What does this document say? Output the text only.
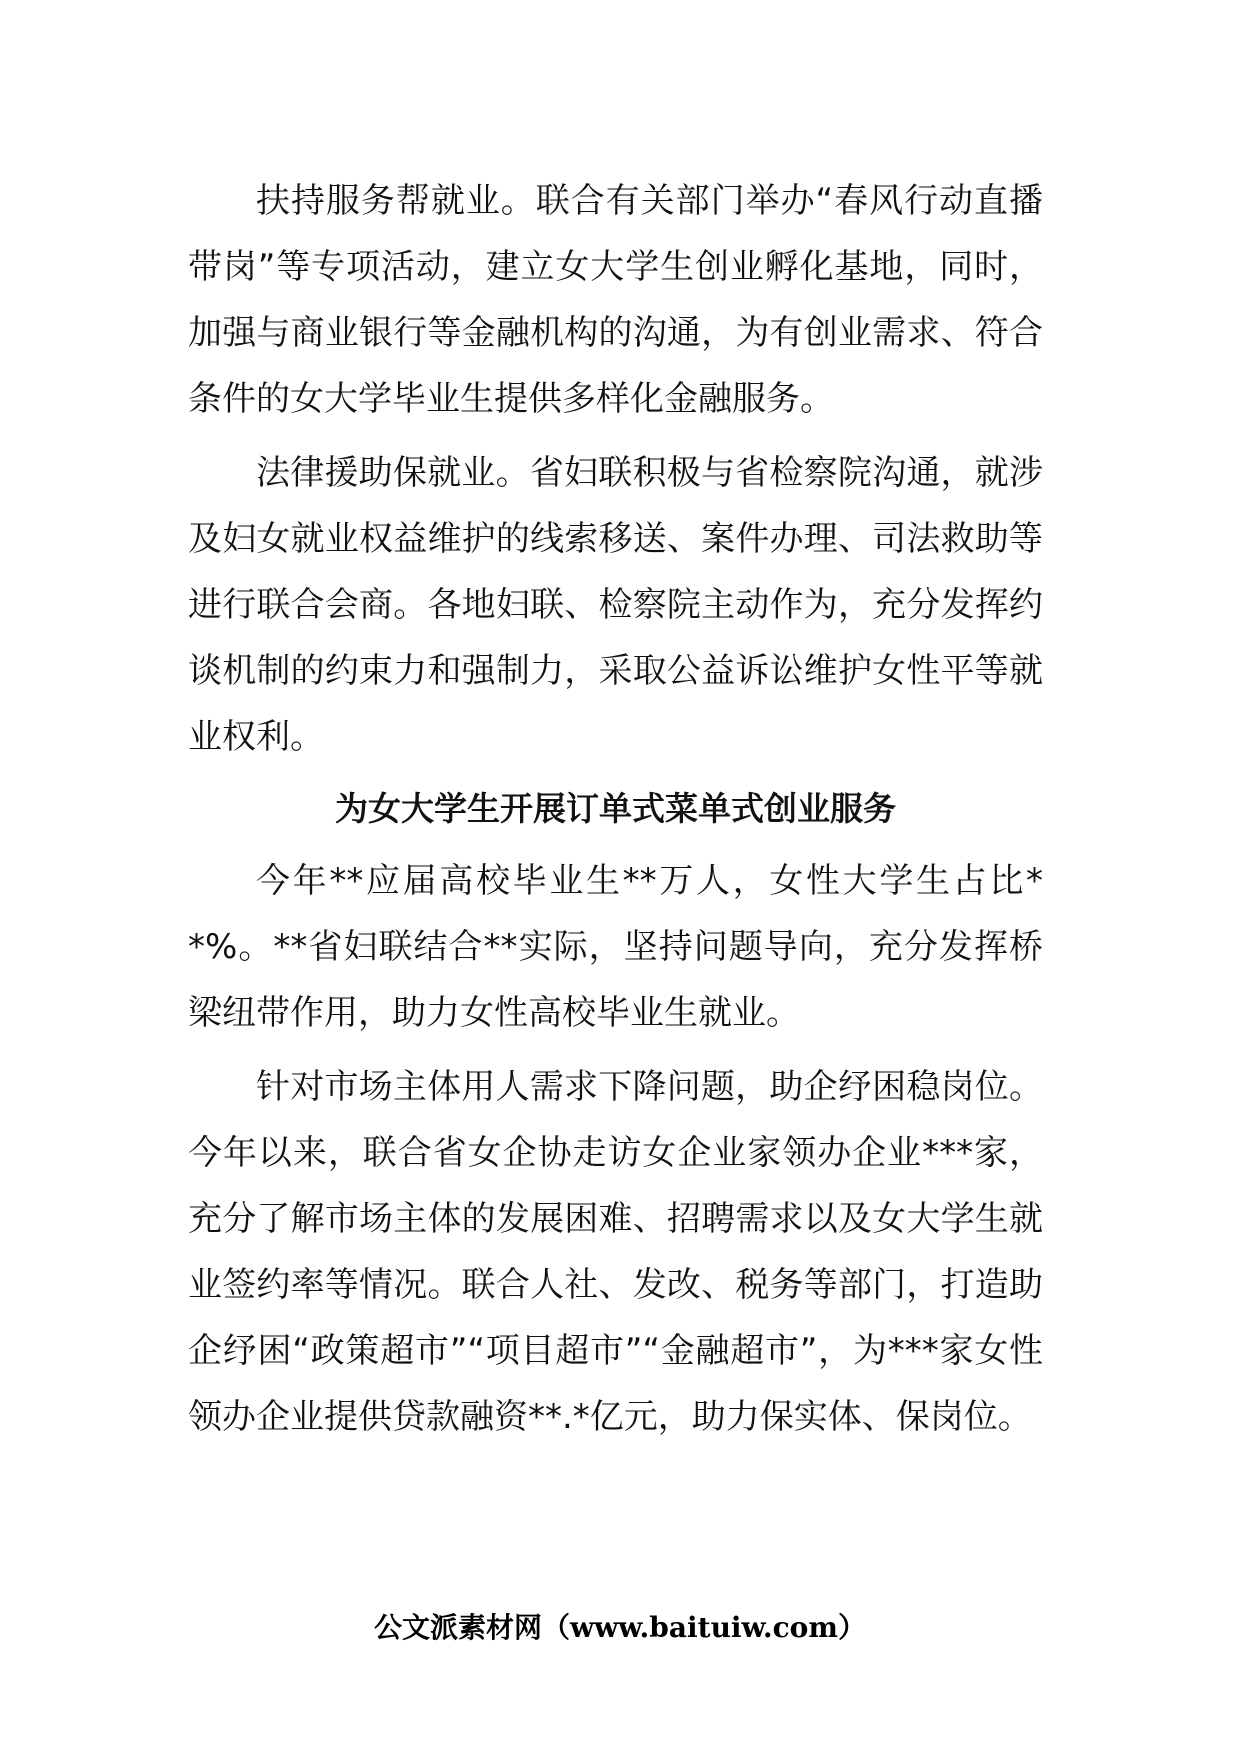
扶持服务帮就业。联合有关部门举办“春风行动直播带岗”等专项活动，建立女大学生创业孵化基地，同时，加强与商业银行等金融机构的沟通，为有创业需求、符合条件的女大学毕业生提供多样化金融服务。

法律援助保就业。省妇联积极与省检察院沟通，就涉及妇女就业权益维护的线索移送、案件办理、司法救助等进行联合会商。各地妇联、检察院主动作为，充分发挥约谈机制的约束力和强制力，采取公益诉讼维护女性平等就业权利。

为女大学生开展订单式菜单式创业服务

今年**应届高校毕业生**万人，女性大学生占比**%。**省妇联结合**实际，坚持问题导向，充分发挥桥梁纽带作用，助力女性高校毕业生就业。

针对市场主体用人需求下降问题，助企纾困稳岗位。今年以来，联合省女企协走访女企业家领办企业***家，充分了解市场主体的发展困难、招聘需求以及女大学生就业签约率等情况。联合人社、发改、税务等部门，打造助企纾困“政策超市”“项目超市”“金融超市”，为***家女性领办企业提供贷款融资**.*亿元，助力保实体、保岗位。

公文派素材网（www.baituiw.com）
